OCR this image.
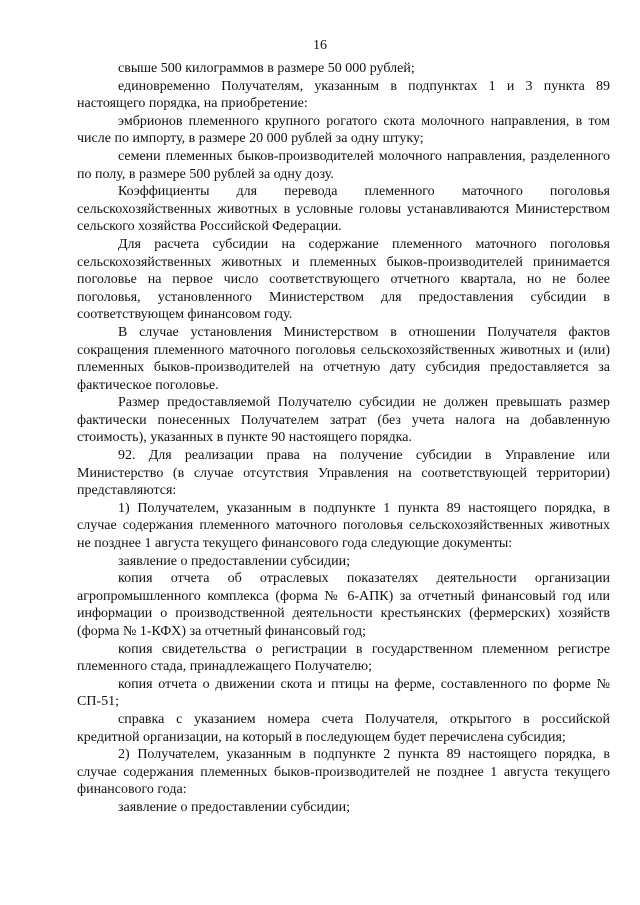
16

свыше 500 килограммов в размере 50 000 рублей;

единовременно Получателям, указанным в подпунктах 1 и 3 пункта 89 настоящего порядка, на приобретение:

эмбрионов племенного крупного рогатого скота молочного направления, в том числе по импорту, в размере 20 000 рублей за одну штуку;

семени племенных быков-производителей молочного направления, разделенного по полу, в размере 500 рублей за одну дозу.

Коэффициенты для перевода племенного маточного поголовья сельскохозяйственных животных в условные головы устанавливаются Министерством сельского хозяйства Российской Федерации.

Для расчета субсидии на содержание племенного маточного поголовья сельскохозяйственных животных и племенных быков-производителей принимается поголовье на первое число соответствующего отчетного квартала, но не более поголовья, установленного Министерством для предоставления субсидии в соответствующем финансовом году.

В случае установления Министерством в отношении Получателя фактов сокращения племенного маточного поголовья сельскохозяйственных животных и (или) племенных быков-производителей на отчетную дату субсидия предоставляется за фактическое поголовье.

Размер предоставляемой Получателю субсидии не должен превышать размер фактически понесенных Получателем затрат (без учета налога на добавленную стоимость), указанных в пункте 90 настоящего порядка.

92. Для реализации права на получение субсидии в Управление или Министерство (в случае отсутствия Управления на соответствующей территории) представляются:

1) Получателем, указанным в подпункте 1 пункта 89 настоящего порядка, в случае содержания племенного маточного поголовья сельскохозяйственных животных не позднее 1 августа текущего финансового года следующие документы:

заявление о предоставлении субсидии;

копия отчета об отраслевых показателях деятельности организации агропромышленного комплекса (форма № 6-АПК) за отчетный финансовый год или информации о производственной деятельности крестьянских (фермерских) хозяйств (форма № 1-КФХ) за отчетный финансовый год;

копия свидетельства о регистрации в государственном племенном регистре племенного стада, принадлежащего Получателю;

копия отчета о движении скота и птицы на ферме, составленного по форме № СП-51;

справка с указанием номера счета Получателя, открытого в российской кредитной организации, на который в последующем будет перечислена субсидия;

2) Получателем, указанным в подпункте 2 пункта 89 настоящего порядка, в случае содержания племенных быков-производителей не позднее 1 августа текущего финансового года:

заявление о предоставлении субсидии;
